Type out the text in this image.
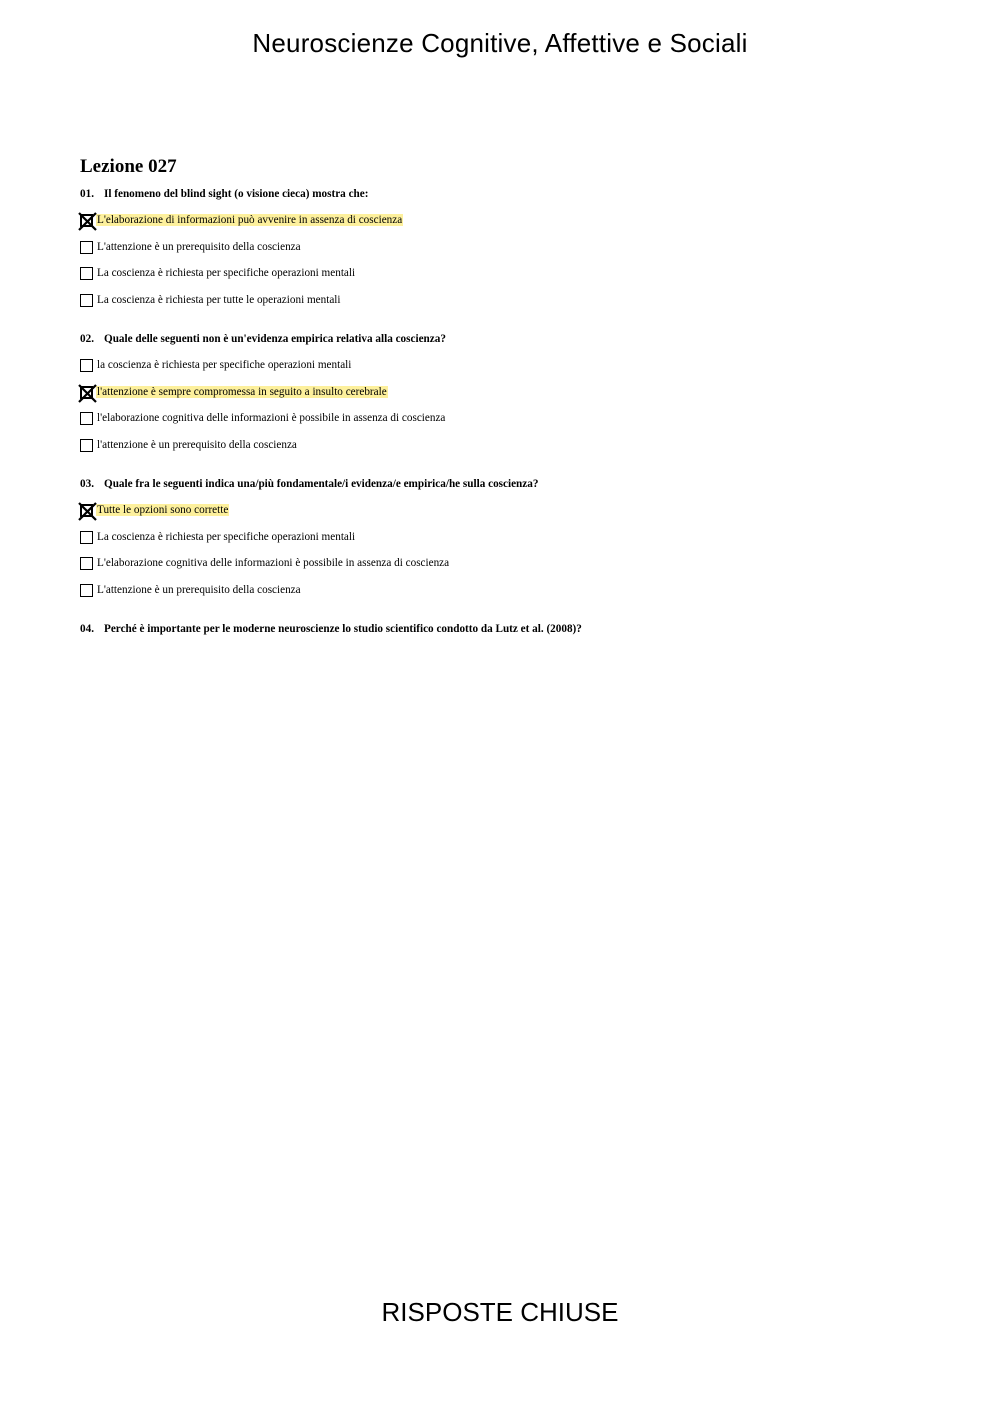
Neuroscienze Cognitive, Affettive e Sociali
Lezione 027
01. Il fenomeno del blind sight (o visione cieca) mostra che:
L'elaborazione di informazioni può avvenire in assenza di coscienza
L'attenzione è un prerequisito della coscienza
La coscienza è richiesta per specifiche operazioni mentali
La coscienza è richiesta per tutte le operazioni mentali
02. Quale delle seguenti non è un'evidenza empirica relativa alla coscienza?
la coscienza è richiesta per specifiche operazioni mentali
l'attenzione è sempre compromessa in seguito a insulto cerebrale
l'elaborazione cognitiva delle informazioni è possibile in assenza di coscienza
l'attenzione è un prerequisito della coscienza
03. Quale fra le seguenti indica una/più fondamentale/i evidenza/e empirica/he sulla coscienza?
Tutte le opzioni sono corrette
La coscienza è richiesta per specifiche operazioni mentali
L'elaborazione cognitiva delle informazioni è possibile in assenza di coscienza
L'attenzione è un prerequisito della coscienza
04. Perché è importante per le moderne neuroscienze lo studio scientifico condotto da Lutz et al. (2008)?
RISPOSTE CHIUSE
